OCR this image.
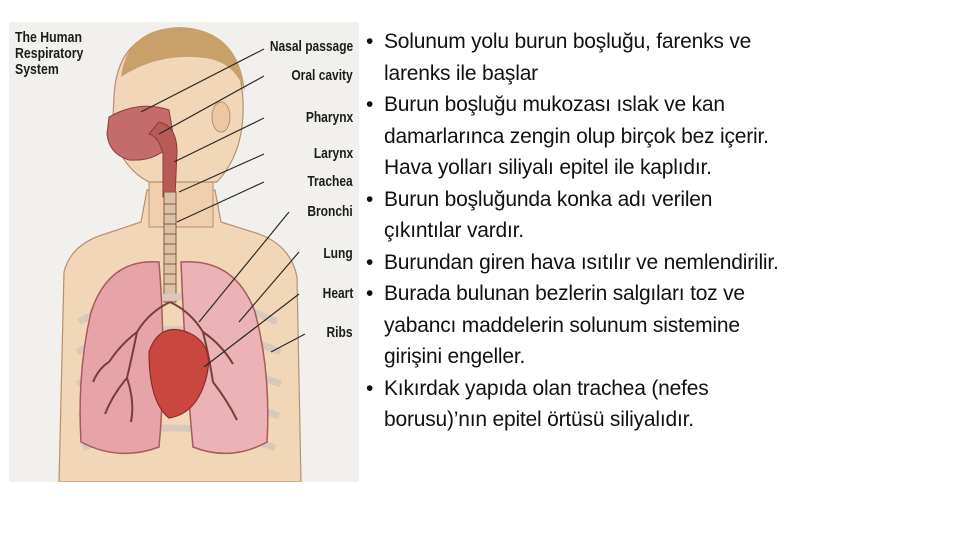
The Human
Respiratory
System
Nasal passage
Oral cavity
Pharynx
Larynx
Trachea
Bronchi
Lung
Heart
Ribs
• Solunum yolu burun boşluğu, farenks ve
larenks ile başlar
• Burun boşluğu mukozası ıslak ve kan
damarlarınca zengin olup birçok bez içerir.
Hava yolları siliyalı epitel ile kaplıdır.
• Burun boşluğunda konka adı verilen
çıkıntılar vardır.
• Burundan giren hava ısıtılır ve nemlendirilir.
• Burada bulunan bezlerin salgıları toz ve
yabancı maddelerin solunum sistemine
girişini engeller.
• Kıkırdak yapıda olan trachea (nefes
borusu)’nın epitel örtüsü siliyalıdır.
